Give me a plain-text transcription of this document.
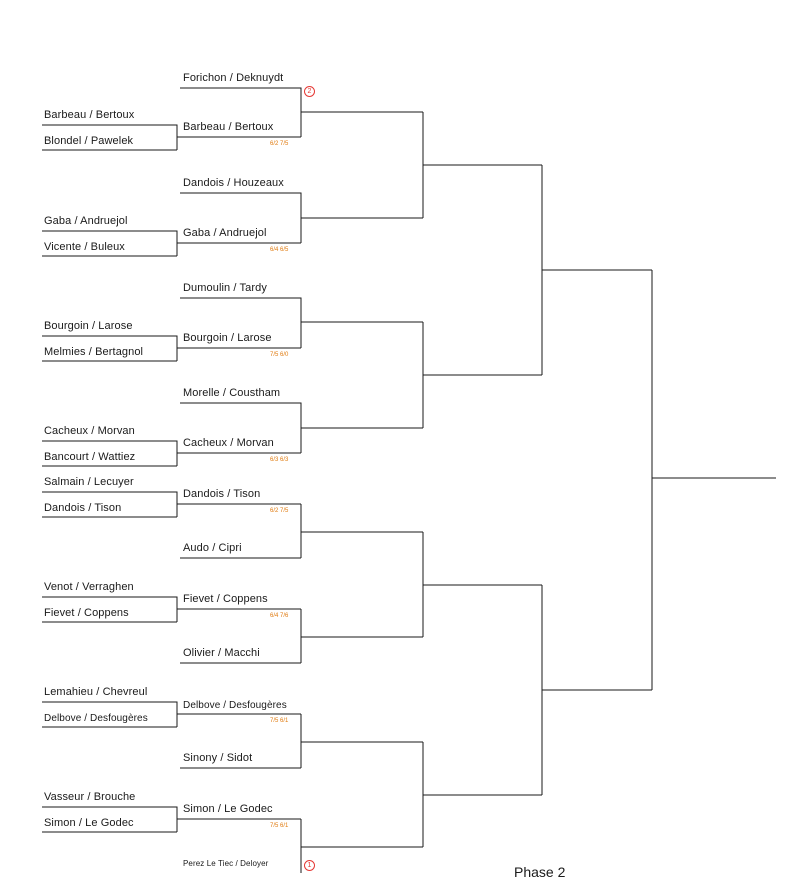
Barbeau / Bertoux
Blondel / Pawelek
Gaba / Andruejol
Vicente / Buleux
Bourgoin / Larose
Melmies / Bertagnol
Cacheux / Morvan
Bancourt / Wattiez
Salmain / Lecuyer
Dandois / Tison
Venot / Verraghen
Fievet / Coppens
Lemahieu / Chevreul
Delbove / Desfougères
Vasseur / Brouche
Simon / Le Godec
Forichon / Deknuydt
2
Barbeau / Bertoux
6/2 7/5
Dandois / Houzeaux
Gaba / Andruejol
6/4 6/5
Dumoulin / Tardy
Bourgoin / Larose
7/5 6/0
Morelle / Coustham
Cacheux / Morvan
6/3 6/3
Dandois / Tison
6/2 7/5
Audo / Cipri
Fievet / Coppens
6/4 7/6
Olivier / Macchi
Delbove / Desfougères
7/5 6/1
Sinony / Sidot
Simon / Le Godec
7/5 6/1
Perez Le Tiec / Deloyer	1	Phase 2
